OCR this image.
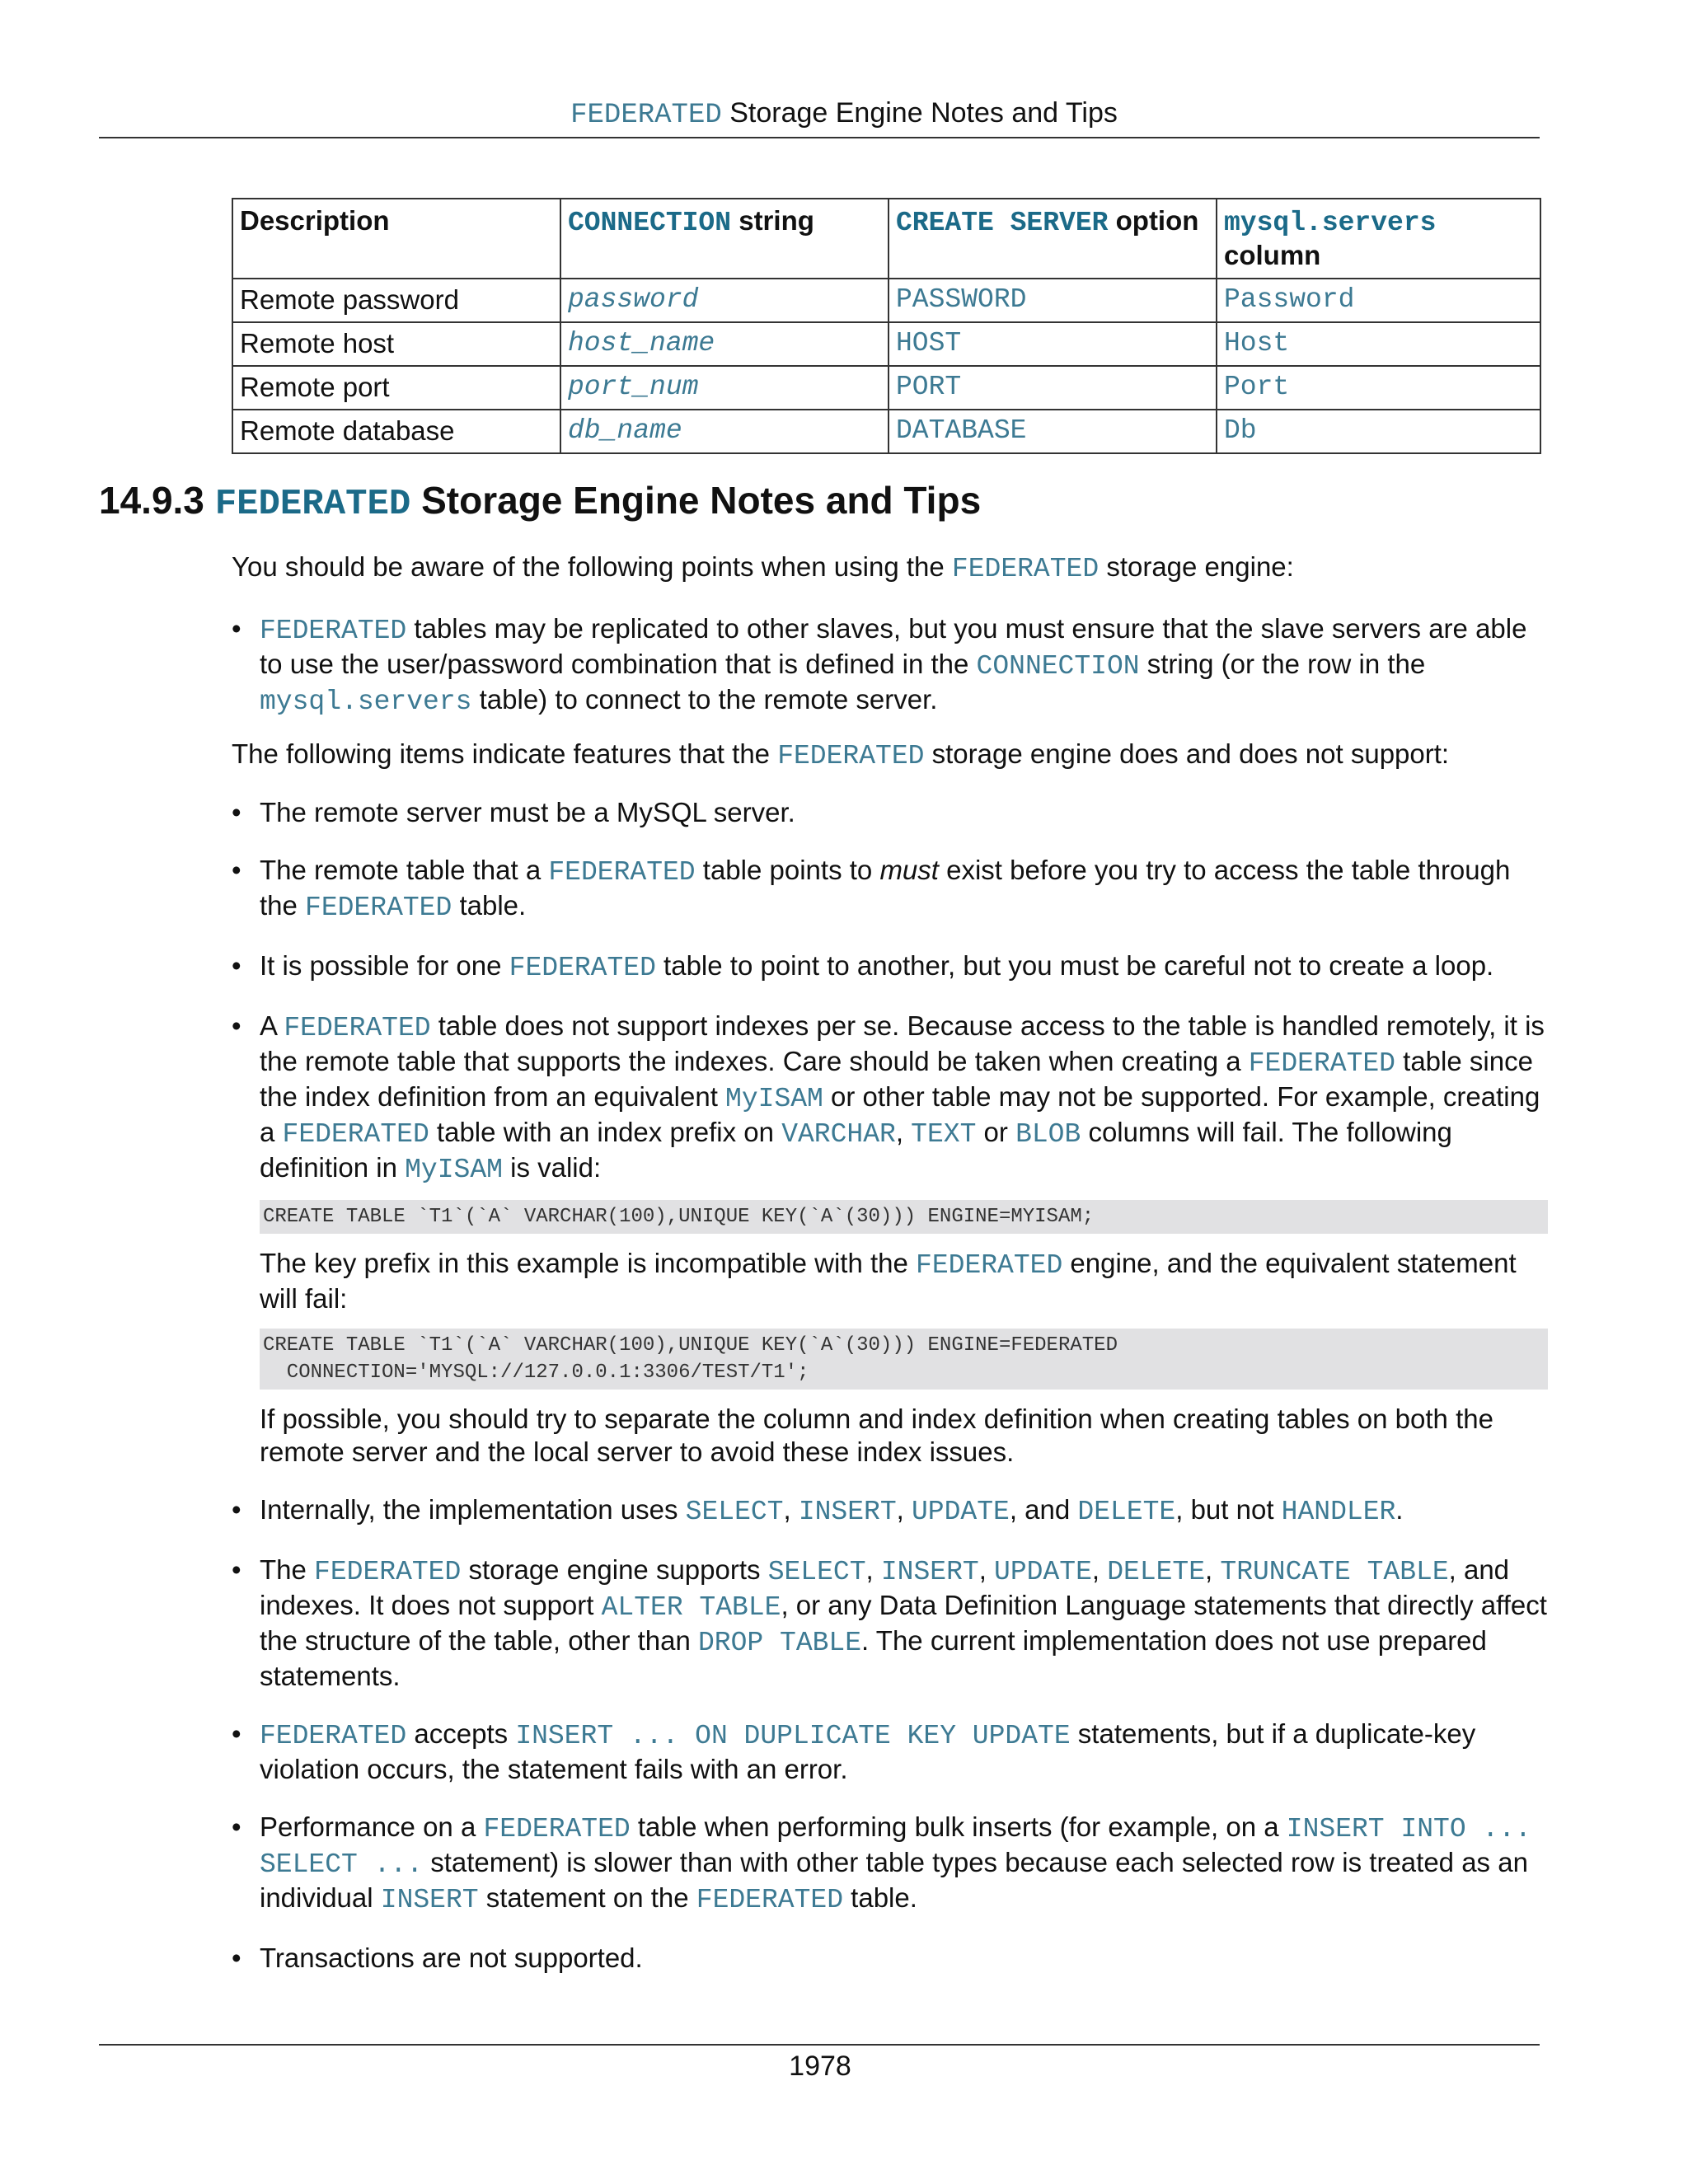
FEDERATED Storage Engine Notes and Tips
Description	CONNECTION string	CREATE SERVER option	mysql.servers
column
Remote password	password	PASSWORD	Password
Remote host	host_name	HOST	Host
Remote port	port_num	PORT	Port
Remote database	db_name	DATABASE	Db
14.9.3 FEDERATED Storage Engine Notes and Tips

You should be aware of the following points when using the FEDERATED storage engine:

• FEDERATED tables may be replicated to other slaves, but you must ensure that the slave servers are able to use the user/password combination that is defined in the CONNECTION string (or the row in the mysql.servers table) to connect to the remote server.

The following items indicate features that the FEDERATED storage engine does and does not support:

• The remote server must be a MySQL server.
• The remote table that a FEDERATED table points to must exist before you try to access the table through the FEDERATED table.
• It is possible for one FEDERATED table to point to another, but you must be careful not to create a loop.

• A FEDERATED table does not support indexes per se. Because access to the table is handled remotely, it is the remote table that supports the indexes. Care should be taken when creating a FEDERATED table since the index definition from an equivalent MyISAM or other table may not be supported. For example, creating a FEDERATED table with an index prefix on VARCHAR, TEXT or BLOB columns will fail. The following definition in MyISAM is valid:

CREATE TABLE `T1`(`A` VARCHAR(100),UNIQUE KEY(`A`(30))) ENGINE=MYISAM;

The key prefix in this example is incompatible with the FEDERATED engine, and the equivalent statement will fail:

CREATE TABLE `T1`(`A` VARCHAR(100),UNIQUE KEY(`A`(30))) ENGINE=FEDERATED
CONNECTION='MYSQL://127.0.0.1:3306/TEST/T1';

If possible, you should try to separate the column and index definition when creating tables on both the remote server and the local server to avoid these index issues.

• Internally, the implementation uses SELECT, INSERT, UPDATE, and DELETE, but not HANDLER.
• The FEDERATED storage engine supports SELECT, INSERT, UPDATE, DELETE, TRUNCATE TABLE, and indexes. It does not support ALTER TABLE, or any Data Definition Language statements that directly affect the structure of the table, other than DROP TABLE. The current implementation does not use prepared statements.
• FEDERATED accepts INSERT ... ON DUPLICATE KEY UPDATE statements, but if a duplicate-key violation occurs, the statement fails with an error.
• Performance on a FEDERATED table when performing bulk inserts (for example, on a INSERT INTO ... SELECT ... statement) is slower than with other table types because each selected row is treated as an individual INSERT statement on the FEDERATED table.
• Transactions are not supported.
1978
